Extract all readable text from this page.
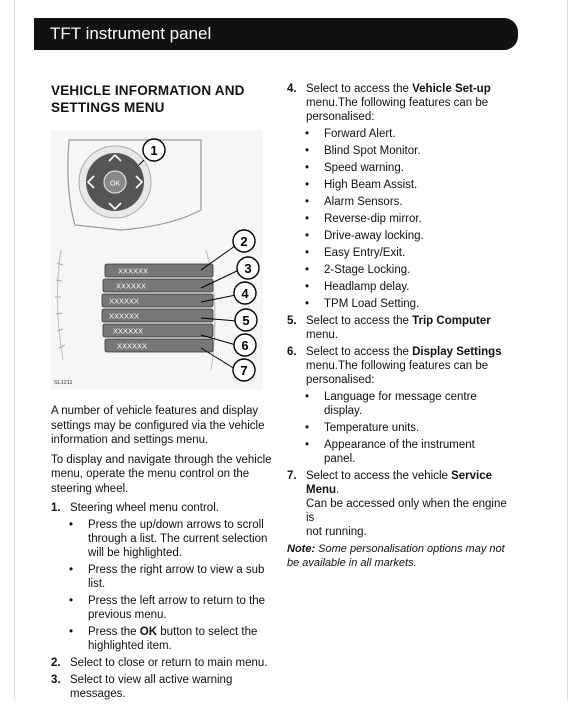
TFT instrument panel
VEHICLE INFORMATION AND
SETTINGS MENU
OK
1
XXXXXX
XXXXXX
XXXXXX
XXXXXX
XXXXXX
XXXXXX
2
3
4
5
6
7
SL1211

A number of vehicle features and display
settings may be configured via the vehicle
information and settings menu.

To display and navigate through the vehicle
menu, operate the menu control on the
steering wheel.

1. Steering wheel menu control.
• Press the up/down arrows to scroll
through a list. The current selection
will be highlighted.
• Press the right arrow to view a sub list.
• Press the left arrow to return to the
previous menu.
• Press the OK button to select the
highlighted item.
2. Select to close or return to main menu.
3. Select to view all active warning messages.
4. Select to access the Vehicle Set-up
menu.The following features can be
personalised:
• Forward Alert.
• Blind Spot Monitor.
• Speed warning.
• High Beam Assist.
• Alarm Sensors.
• Reverse-dip mirror.
• Drive-away locking.
• Easy Entry/Exit.
• 2-Stage Locking.
• Headlamp delay.
• TPM Load Setting.
5. Select to access the Trip Computer menu.
6. Select to access the Display Settings
menu.The following features can be
personalised:
• Language for message centre display.
• Temperature units.
• Appearance of the instrument panel.
7. Select to access the vehicle Service Menu.
Can be accessed only when the engine is
not running.
Note: Some personalisation options may not
be available in all markets.
